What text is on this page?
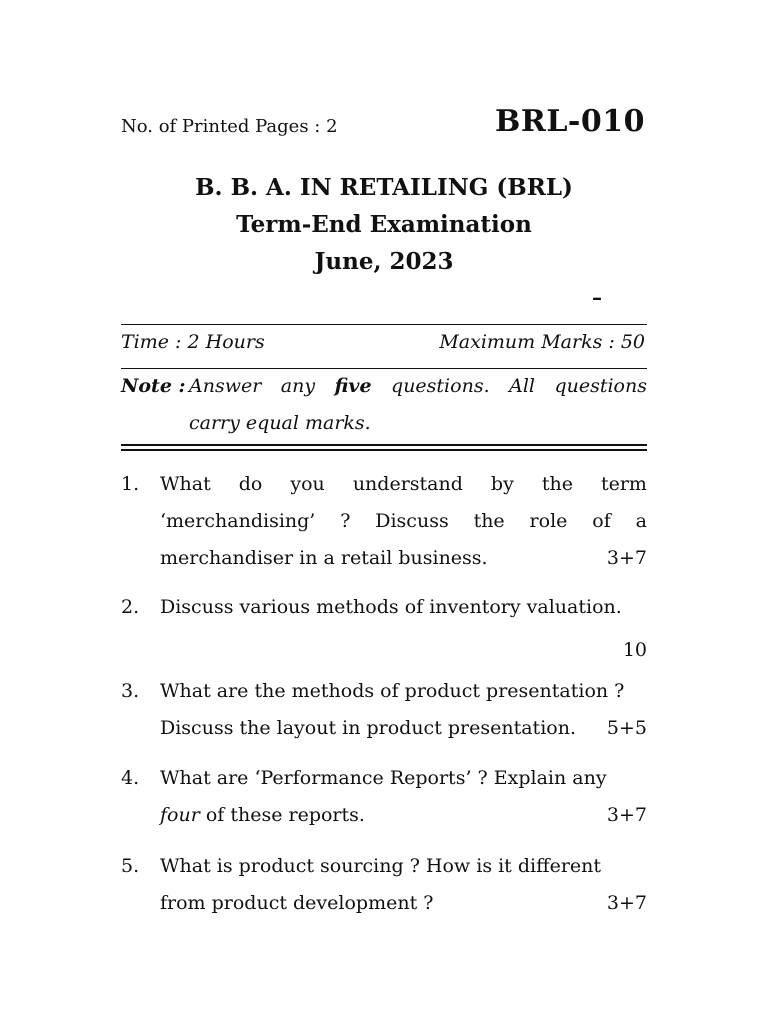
No. of Printed Pages : 2	BRL-010
B. B. A. IN RETAILING (BRL)
Term-End Examination
June, 2023
–
Time : 2 Hours	Maximum Marks : 50
Note : Answer any five questions. All questions
carry equal marks.
1. What do you understand by the term
‘merchandising’ ? Discuss the role of a
merchandiser in a retail business.	3+7
2. Discuss various methods of inventory valuation.
10
3. What are the methods of product presentation ?
Discuss the layout in product presentation.	5+5
4. What are ‘Performance Reports’ ? Explain any
four of these reports.	3+7
5. What is product sourcing ? How is it different
from product development ?	3+7
